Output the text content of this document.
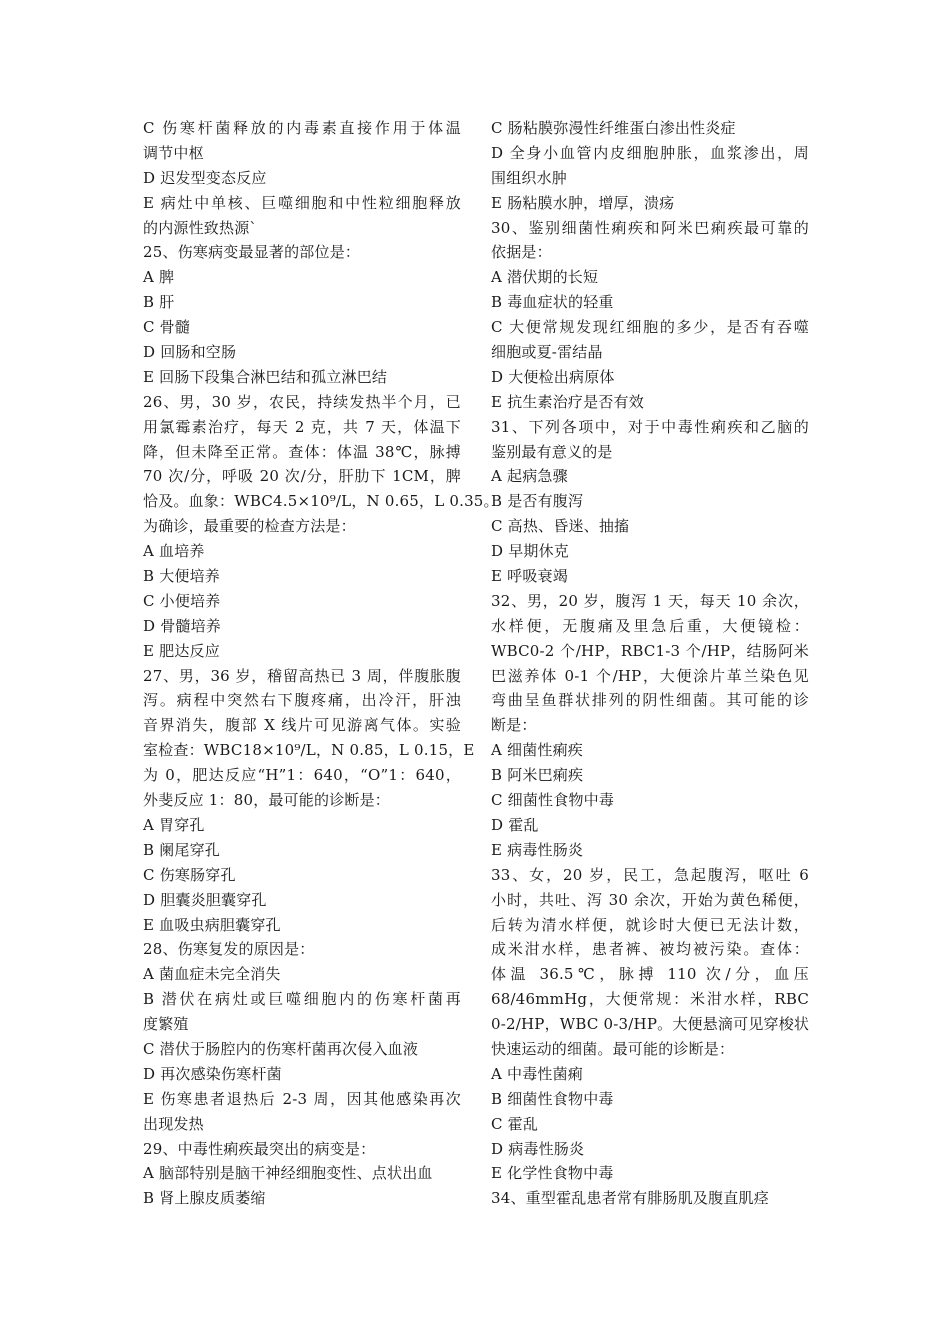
C 伤寒杆菌释放的内毒素直接作用于体温
调节中枢
D 迟发型变态反应
E 病灶中单核、巨噬细胞和中性粒细胞释放
的内源性致热源`
25、伤寒病变最显著的部位是：
A 脾
B 肝
C 骨髓
D 回肠和空肠
E 回肠下段集合淋巴结和孤立淋巴结
26、男，30 岁，农民，持续发热半个月，已
用氯霉素治疗，每天 2 克，共 7 天，体温下
降，但未降至正常。查体：体温 38℃，脉搏
70 次/分，呼吸 20 次/分，肝肋下 1CM，脾
恰及。血象：WBC4.5×10⁹/L，N 0.65，L 0.35。
为确诊，最重要的检查方法是：
A 血培养
B 大便培养
C 小便培养
D 骨髓培养
E 肥达反应
27、男，36 岁，稽留高热已 3 周，伴腹胀腹
泻。病程中突然右下腹疼痛，出冷汗，肝浊
音界消失，腹部 X 线片可见游离气体。实验
室检查：WBC18×10⁹/L，N 0.85，L 0.15，E
为 0，肥达反应“H”1：640，“O”1：640，
外斐反应 1：80，最可能的诊断是：
A 胃穿孔
B 阑尾穿孔
C 伤寒肠穿孔
D 胆囊炎胆囊穿孔
E 血吸虫病胆囊穿孔
28、伤寒复发的原因是：
A 菌血症未完全消失
B 潜伏在病灶或巨噬细胞内的伤寒杆菌再
度繁殖
C 潜伏于肠腔内的伤寒杆菌再次侵入血液
D 再次感染伤寒杆菌
E 伤寒患者退热后 2-3 周，因其他感染再次
出现发热
29、中毒性痢疾最突出的病变是：
A 脑部特别是脑干神经细胞变性、点状出血
B 肾上腺皮质萎缩
C 肠粘膜弥漫性纤维蛋白渗出性炎症
D 全身小血管内皮细胞肿胀，血浆渗出，周
围组织水肿
E 肠粘膜水肿，增厚，溃疡
30、鉴别细菌性痢疾和阿米巴痢疾最可靠的
依据是：
A 潜伏期的长短
B 毒血症状的轻重
C 大便常规发现红细胞的多少，是否有吞噬
细胞或夏-雷结晶
D 大便检出病原体
E 抗生素治疗是否有效
31、下列各项中，对于中毒性痢疾和乙脑的
鉴别最有意义的是
A 起病急骤
B 是否有腹泻
C 高热、昏迷、抽搐
D 早期休克
E 呼吸衰竭
32、男，20 岁，腹泻 1 天，每天 10 余次，
水样便，无腹痛及里急后重，大便镜检：
WBC0-2 个/HP，RBC1-3 个/HP，结肠阿米
巴滋养体 0-1 个/HP，大便涂片革兰染色见
弯曲呈鱼群状排列的阴性细菌。其可能的诊
断是：
A 细菌性痢疾
B 阿米巴痢疾
C 细菌性食物中毒
D 霍乱
E 病毒性肠炎
33、女，20 岁，民工，急起腹泻，呕吐 6
小时，共吐、泻 30 余次，开始为黄色稀便，
后转为清水样便，就诊时大便已无法计数，
成米泔水样，患者裤、被均被污染。查体：
体温 36.5℃，脉搏 110 次/分，血压
68/46mmHg，大便常规：米泔水样，RBC
0-2/HP，WBC 0-3/HP。大便悬滴可见穿梭状
快速运动的细菌。最可能的诊断是：
A 中毒性菌痢
B 细菌性食物中毒
C 霍乱
D 病毒性肠炎
E 化学性食物中毒
34、重型霍乱患者常有腓肠肌及腹直肌痉
